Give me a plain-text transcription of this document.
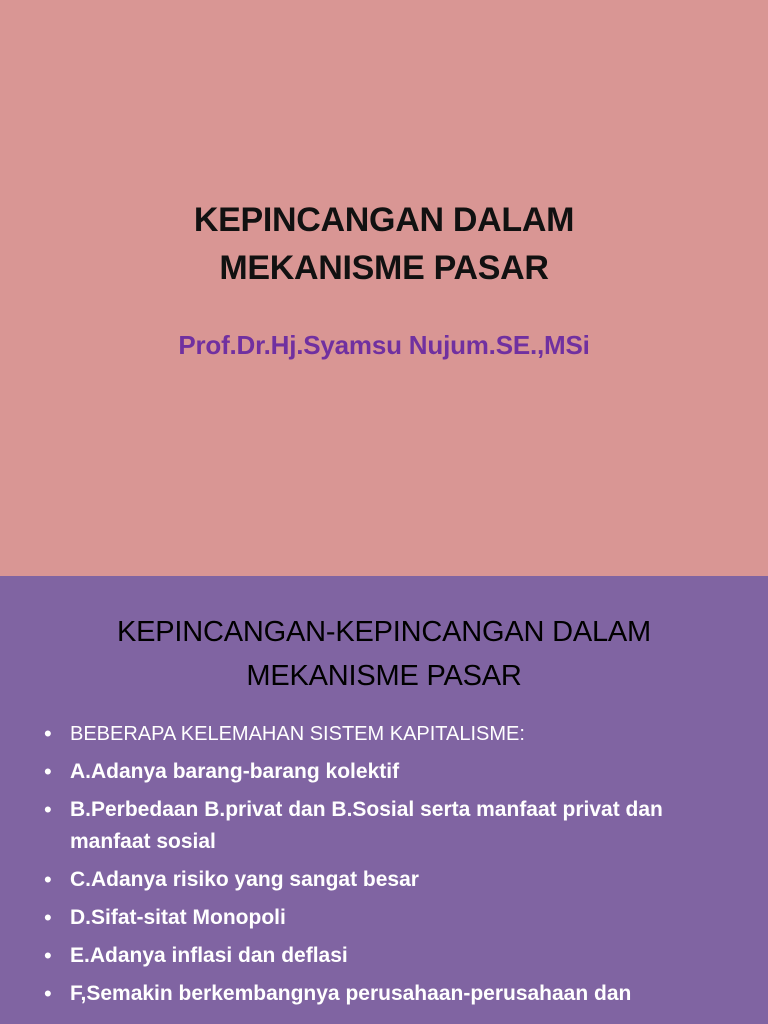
KEPINCANGAN DALAM
MEKANISME PASAR
Prof.Dr.Hj.Syamsu Nujum.SE.,MSi
KEPINCANGAN-KEPINCANGAN DALAM
MEKANISME PASAR
• BEBERAPA KELEMAHAN SISTEM KAPITALISME:
• A.Adanya barang-barang kolektif
• B.Perbedaan B.privat dan B.Sosial serta manfaat privat dan manfaat sosial
• C.Adanya risiko yang sangat besar
• D.Sifat-sitat Monopoli
• E.Adanya inflasi dan deflasi
• F,Semakin berkembangnya perusahaan-perusahaan dan
